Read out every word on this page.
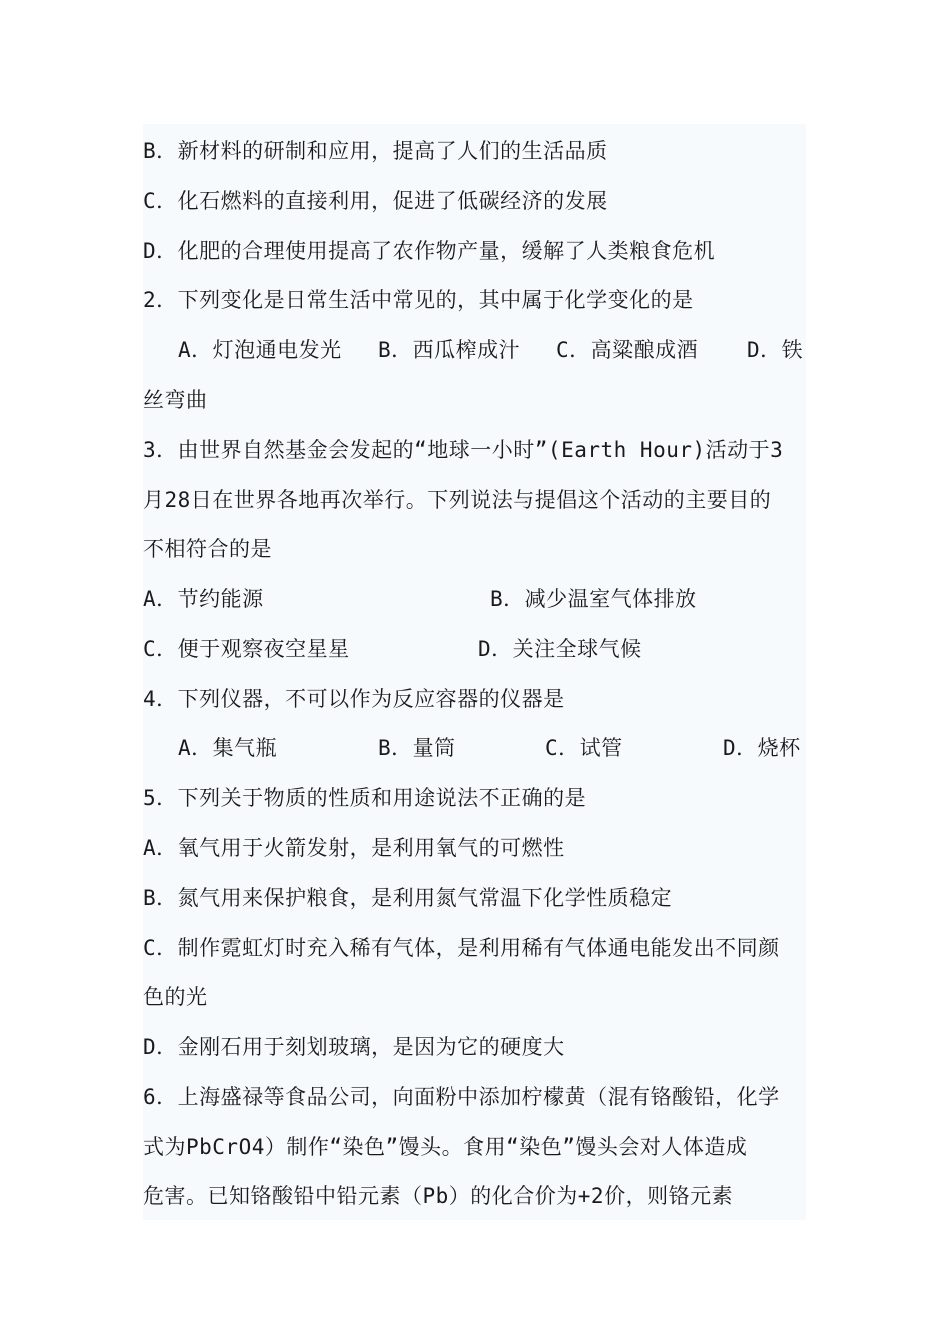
B．新材料的研制和应用，提高了人们的生活品质
C．化石燃料的直接利用，促进了低碳经济的发展
D．化肥的合理使用提高了农作物产量，缓解了人类粮食危机
2．下列变化是日常生活中常见的，其中属于化学变化的是
A．灯泡通电发光 B．西瓜榨成汁 C．高粱酿成酒 D．铁
丝弯曲
3．由世界自然基金会发起的“地球一小时”(Earth Hour)活动于3
月28日在世界各地再次举行。下列说法与提倡这个活动的主要目的
不相符合的是
A．节约能源	B．减少温室气体排放
C．便于观察夜空星星	D．关注全球气候
4．下列仪器，不可以作为反应容器的仪器是
A．集气瓶	B．量筒	C．试管	D．烧杯
5．下列关于物质的性质和用途说法不正确的是
A．氧气用于火箭发射，是利用氧气的可燃性
B．氮气用来保护粮食，是利用氮气常温下化学性质稳定
C．制作霓虹灯时充入稀有气体，是利用稀有气体通电能发出不同颜
色的光
D．金刚石用于刻划玻璃，是因为它的硬度大
6．上海盛禄等食品公司，向面粉中添加柠檬黄（混有铬酸铅，化学
式为PbCrO4）制作“染色”馒头。食用“染色”馒头会对人体造成
危害。已知铬酸铅中铅元素（Pb）的化合价为+2价，则铬元素
